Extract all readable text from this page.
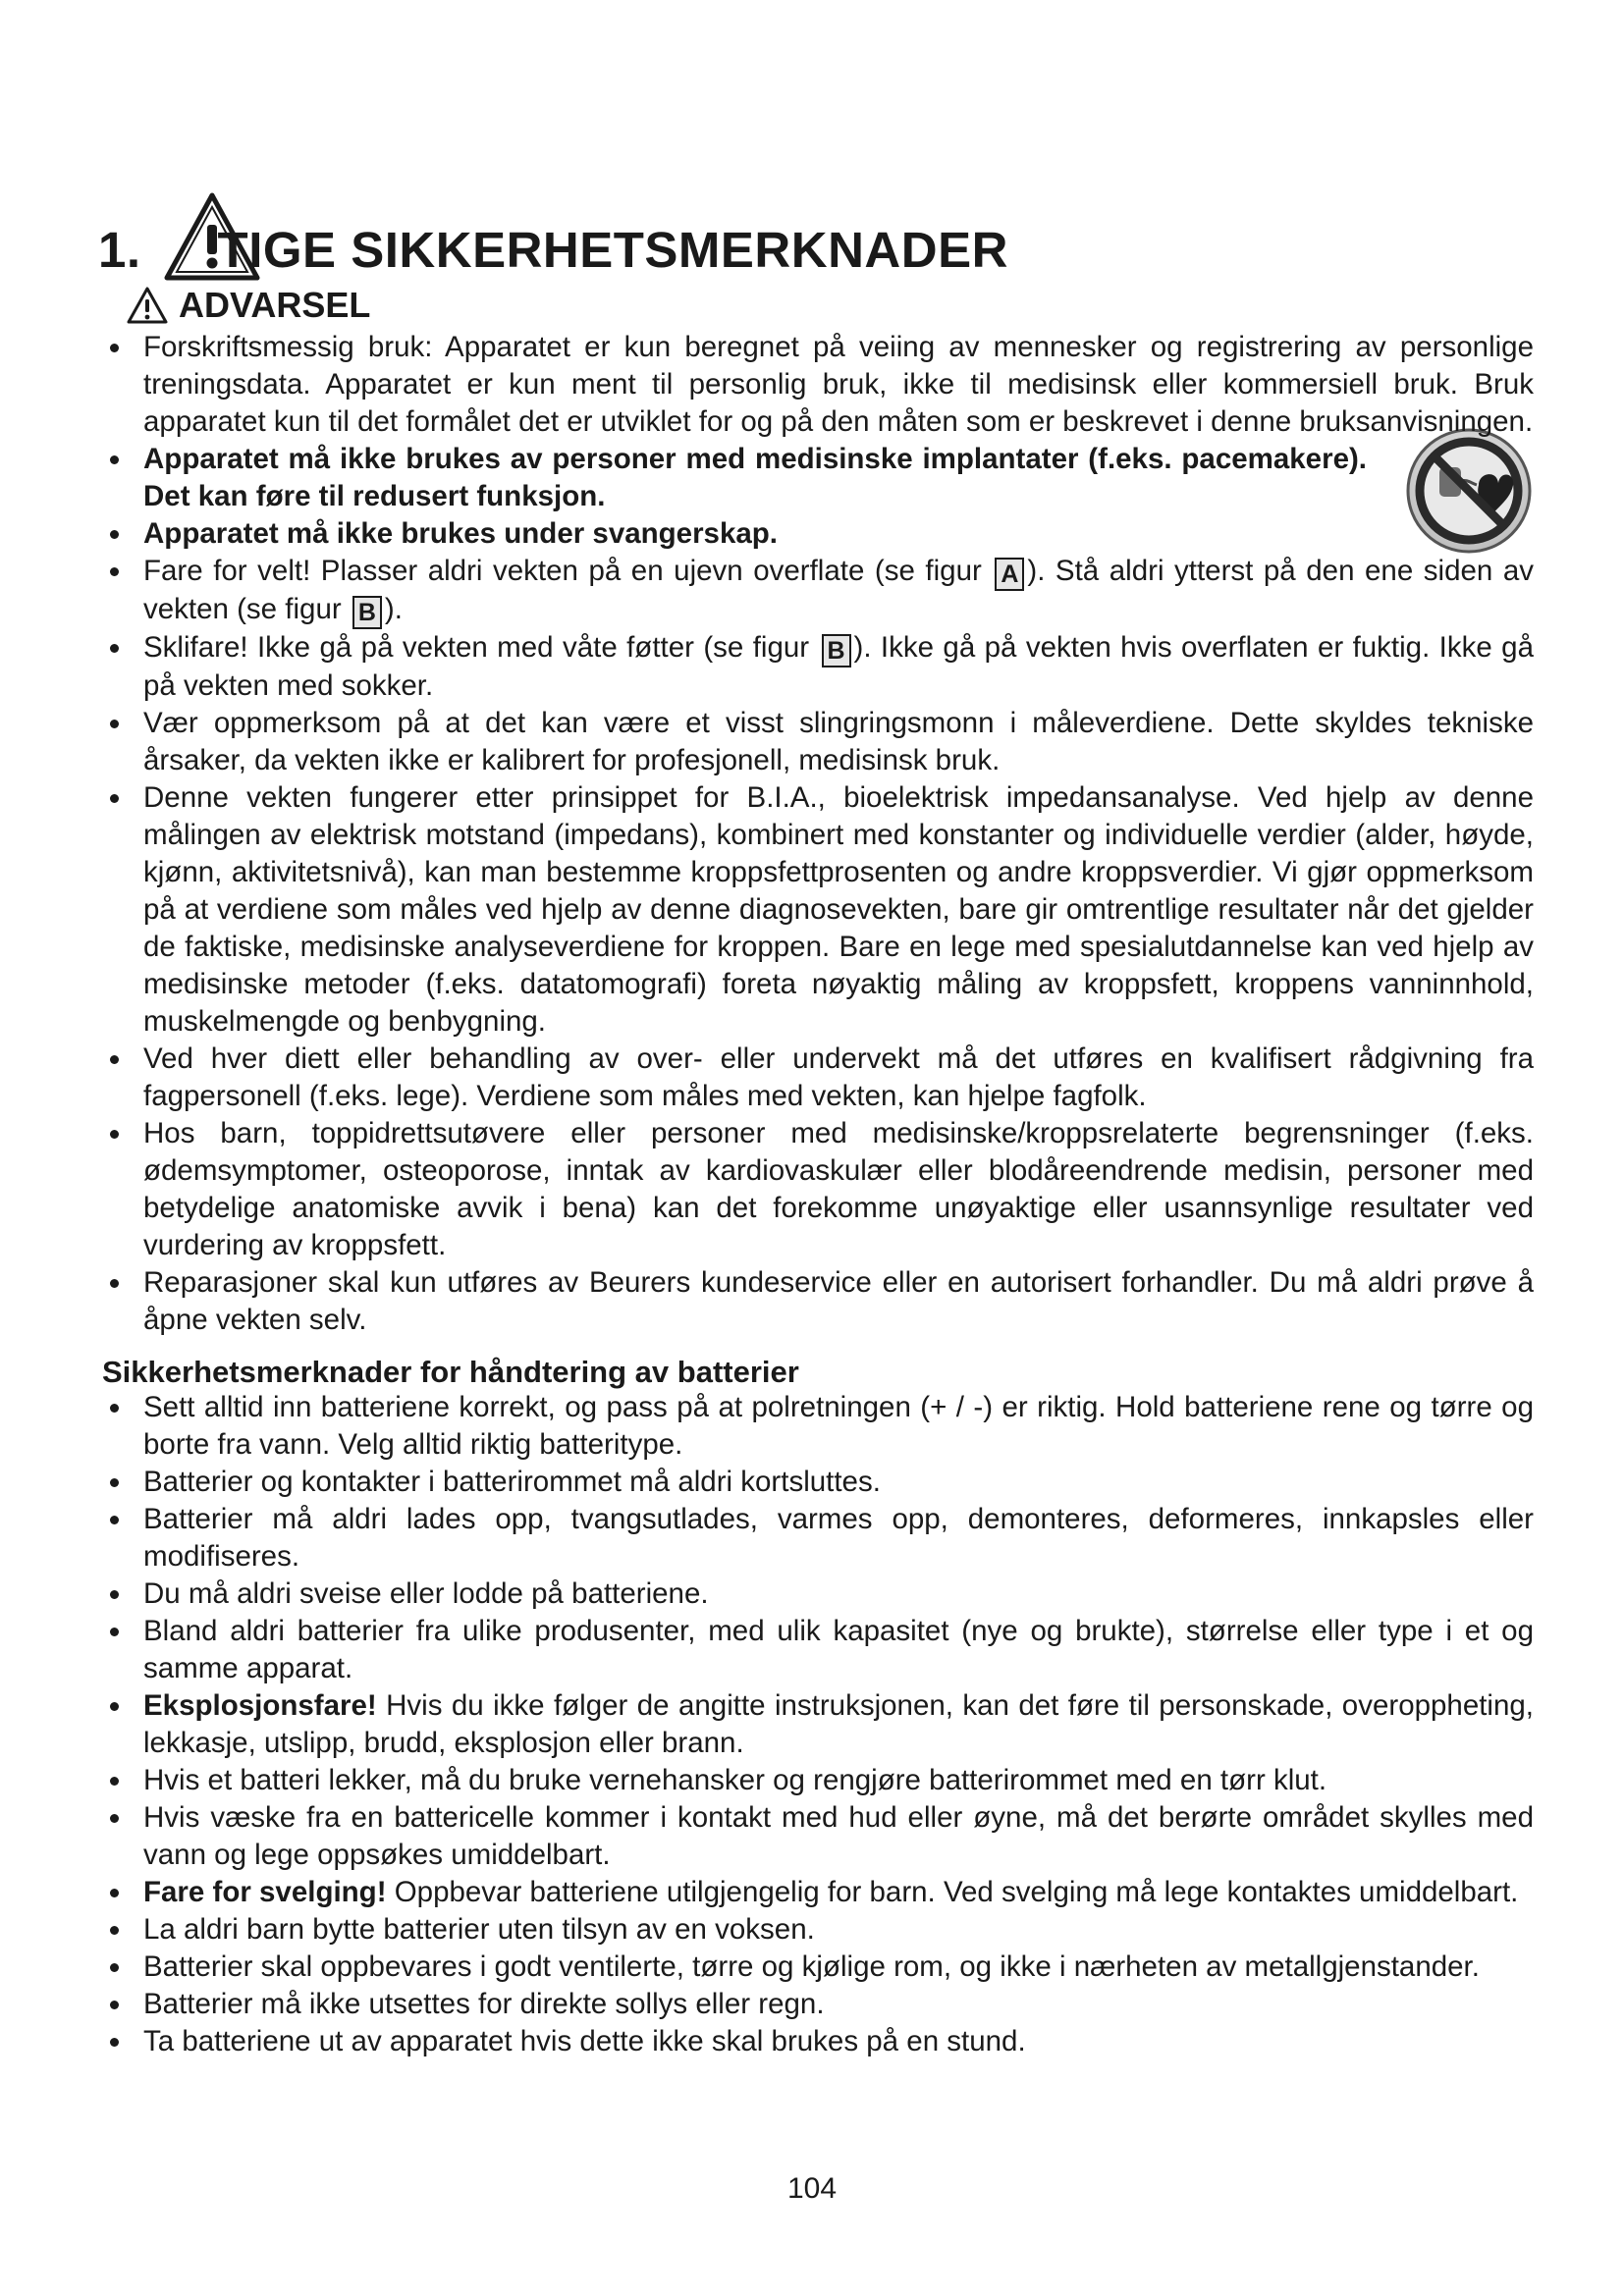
1. TIGE SIKKERHETSMERKNADER
ADVARSEL
Forskriftsmessig bruk: Apparatet er kun beregnet på veiing av mennesker og registrering av personlige treningsdata. Apparatet er kun ment til personlig bruk, ikke til medisinsk eller kommersiell bruk. Bruk apparatet kun til det formålet det er utviklet for og på den måten som er beskrevet i denne bruksanvisningen.
Apparatet må ikke brukes av personer med medisinske implantater (f.eks. pacemakere). Det kan føre til redusert funksjon.
Apparatet må ikke brukes under svangerskap.
Fare for velt! Plasser aldri vekten på en ujevn overflate (se figur A ). Stå aldri ytterst på den ene siden av vekten (se figur B ).
Sklifare! Ikke gå på vekten med våte føtter (se figur B ). Ikke gå på vekten hvis overflaten er fuktig. Ikke gå på vekten med sokker.
Vær oppmerksom på at det kan være et visst slingringsmonn i måleverdiene. Dette skyldes tekniske årsaker, da vekten ikke er kalibrert for profesjonell, medisinsk bruk.
Denne vekten fungerer etter prinsippet for B.I.A., bioelektrisk impedansanalyse. Ved hjelp av denne målingen av elektrisk motstand (impedans), kombinert med konstanter og individuelle verdier (alder, høyde, kjønn, aktivitetsnivå), kan man bestemme kroppsfettprosenten og andre kroppsverdier. Vi gjør oppmerksom på at verdiene som måles ved hjelp av denne diagnosevekten, bare gir omtrentlige resultater når det gjelder de faktiske, medisinske analyseverdiene for kroppen. Bare en lege med spesialutdannelse kan ved hjelp av medisinske metoder (f.eks. datatomografi) foreta nøyaktig måling av kroppsfett, kroppens vanninnhold, muskelmengde og benbygning.
Ved hver diett eller behandling av over- eller undervekt må det utføres en kvalifisert rådgivning fra fagpersonell (f.eks. lege). Verdiene som måles med vekten, kan hjelpe fagfolk.
Hos barn, toppidrettsutøvere eller personer med medisinske/kroppsrelaterte begrensninger (f.eks. ødemsymptomer, osteoporose, inntak av kardiovaskulær eller blodåreendrende medisin, personer med betydelige anatomiske avvik i bena) kan det forekomme unøyaktige eller usannsynlige resultater ved vurdering av kroppsfett.
Reparasjoner skal kun utføres av Beurers kundeservice eller en autorisert forhandler. Du må aldri prøve å åpne vekten selv.
Sikkerhetsmerknader for håndtering av batterier
Sett alltid inn batteriene korrekt, og pass på at polretningen (+ / -) er riktig. Hold batteriene rene og tørre og borte fra vann. Velg alltid riktig batteritype.
Batterier og kontakter i batterirommet må aldri kortsluttes.
Batterier må aldri lades opp, tvangsutlades, varmes opp, demonteres, deformeres, innkapsles eller modifiseres.
Du må aldri sveise eller lodde på batteriene.
Bland aldri batterier fra ulike produsenter, med ulik kapasitet (nye og brukte), størrelse eller type i et og samme apparat.
Eksplosjonsfare! Hvis du ikke følger de angitte instruksjonen, kan det føre til personskade, overoppheting, lekkasje, utslipp, brudd, eksplosjon eller brann.
Hvis et batteri lekker, må du bruke vernehansker og rengjøre batterirommet med en tørr klut.
Hvis væske fra en battericelle kommer i kontakt med hud eller øyne, må det berørte området skylles med vann og lege oppsøkes umiddelbart.
Fare for svelging! Oppbevar batteriene utilgjengelig for barn. Ved svelging må lege kontaktes umiddelbart.
La aldri barn bytte batterier uten tilsyn av en voksen.
Batterier skal oppbevares i godt ventilerte, tørre og kjølige rom, og ikke i nærheten av metallgjenstander.
Batterier må ikke utsettes for direkte sollys eller regn.
Ta batteriene ut av apparatet hvis dette ikke skal brukes på en stund.
104
